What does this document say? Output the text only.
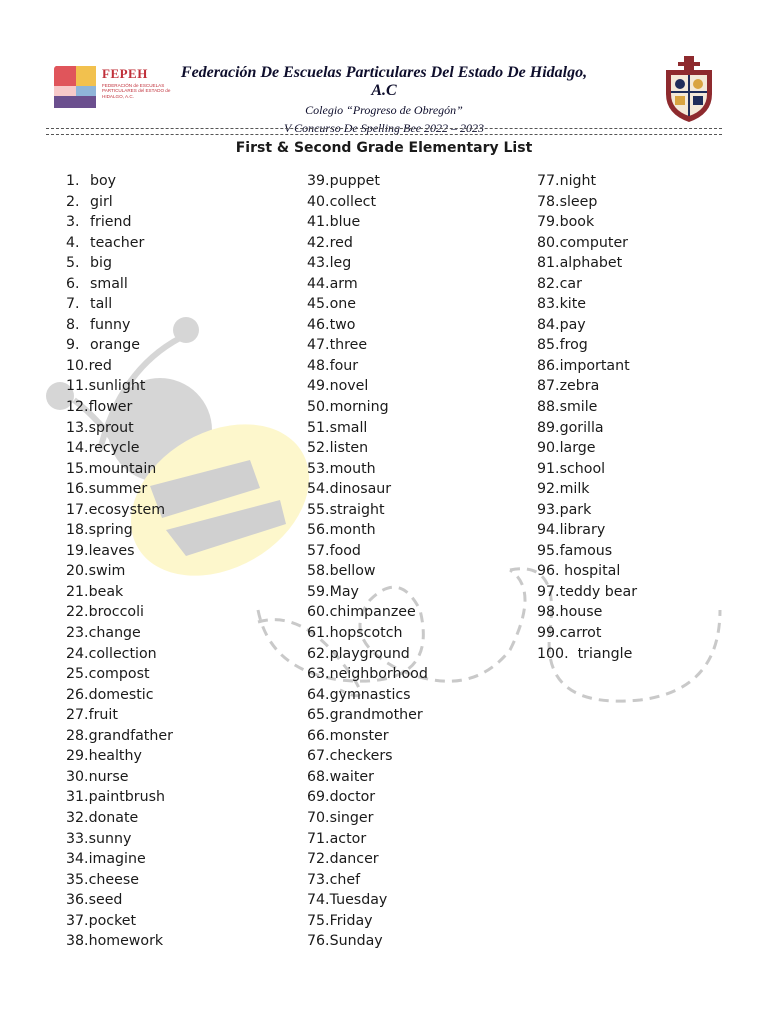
FEPEH
FEDERACIÓN de ESCUELAS PARTICULARES del ESTADO de HIDALGO, A.C.
Federación De Escuelas Particulares Del Estado De Hidalgo, A.C
Colegio “Progreso de Obregón”
V Concurso De Spelling Bee 2022 – 2023
First & Second Grade Elementary List
1. boy
2. girl
3. friend
4. teacher
5. big
6. small
7. tall
8. funny
9. orange
10.red
11.sunlight
12.flower
13.sprout
14.recycle
15.mountain
16.summer
17.ecosystem
18.spring
19.leaves
20.swim
21.beak
22.broccoli
23.change
24.collection
25.compost
26.domestic
27.fruit
28.grandfather
29.healthy
30.nurse
31.paintbrush
32.donate
33.sunny
34.imagine
35.cheese
36.seed
37.pocket
38.homework
39.puppet
40.collect
41.blue
42.red
43.leg
44.arm
45.one
46.two
47.three
48.four
49.novel
50.morning
51.small
52.listen
53.mouth
54.dinosaur
55.straight
56.month
57.food
58.bellow
59.May
60.chimpanzee
61.hopscotch
62.playground
63.neighborhood
64.gymnastics
65.grandmother
66.monster
67.checkers
68.waiter
69.doctor
70.singer
71.actor
72.dancer
73.chef
74.Tuesday
75.Friday
76.Sunday
77.night
78.sleep
79.book
80.computer
81.alphabet
82.car
83.kite
84.pay
85.frog
86.important
87.zebra
88.smile
89.gorilla
90.large
91.school
92.milk
93.park
94.library
95.famous
96. hospital
97.teddy bear
98.house
99.carrot
100.  triangle
